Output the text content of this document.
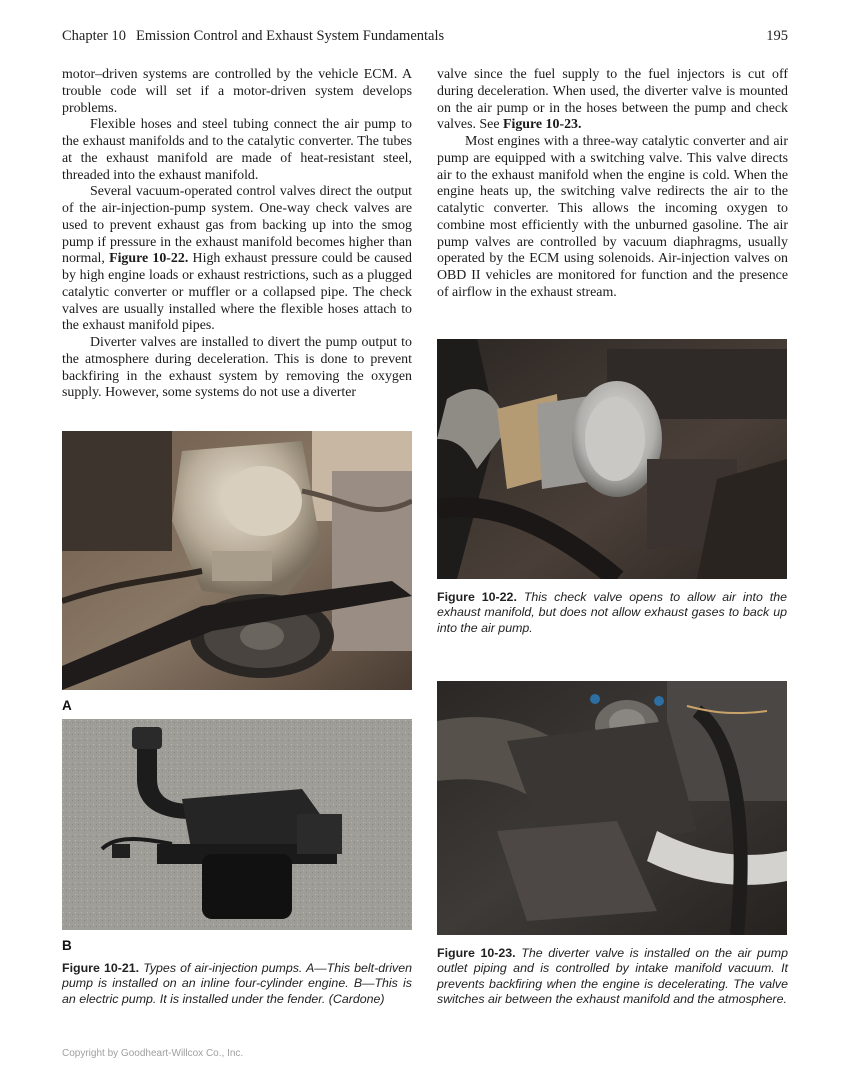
Chapter 10 Emission Control and Exhaust System Fundamentals	195

motor–driven systems are controlled by the vehicle ECM. A trouble code will set if a motor-driven system develops problems.

Flexible hoses and steel tubing connect the air pump to the exhaust manifolds and to the catalytic converter. The tubes at the exhaust manifold are made of heat-resistant steel, threaded into the exhaust manifold.

Several vacuum-operated control valves direct the output of the air-injection-pump system. One-way check valves are used to prevent exhaust gas from backing up into the smog pump if pressure in the exhaust manifold becomes higher than normal, Figure 10-22. High exhaust pressure could be caused by high engine loads or exhaust restrictions, such as a plugged catalytic converter or muffler or a collapsed pipe. The check valves are usually installed where the flexible hoses attach to the exhaust manifold pipes.

Diverter valves are installed to divert the pump output to the atmosphere during deceleration. This is done to prevent backfiring in the exhaust system by removing the oxygen supply. However, some systems do not use a diverter

valve since the fuel supply to the fuel injectors is cut off during deceleration. When used, the diverter valve is mounted on the air pump or in the hoses between the pump and check valves. See Figure 10-23.

Most engines with a three-way catalytic converter and air pump are equipped with a switching valve. This valve directs air to the exhaust manifold when the engine is cold. When the engine heats up, the switching valve redirects the air to the catalytic converter. This allows the incoming oxygen to combine most efficiently with the unburned gasoline. The air pump valves are controlled by vacuum diaphragms, usually operated by the ECM using solenoids. Air-injection valves on OBD II vehicles are monitored for function and the presence of airflow in the exhaust stream.

A
B
Figure 10-21. Types of air-injection pumps. A—This belt-driven pump is installed on an inline four-cylinder engine. B—This is an electric pump. It is installed under the fender. (Cardone)
Figure 10-22. This check valve opens to allow air into the exhaust manifold, but does not allow exhaust gases to back up into the air pump.
Figure 10-23. The diverter valve is installed on the air pump outlet piping and is controlled by intake manifold vacuum. It prevents backfiring when the engine is decelerating. The valve switches air between the exhaust manifold and the atmosphere.
Copyright by Goodheart-Willcox Co., Inc.
